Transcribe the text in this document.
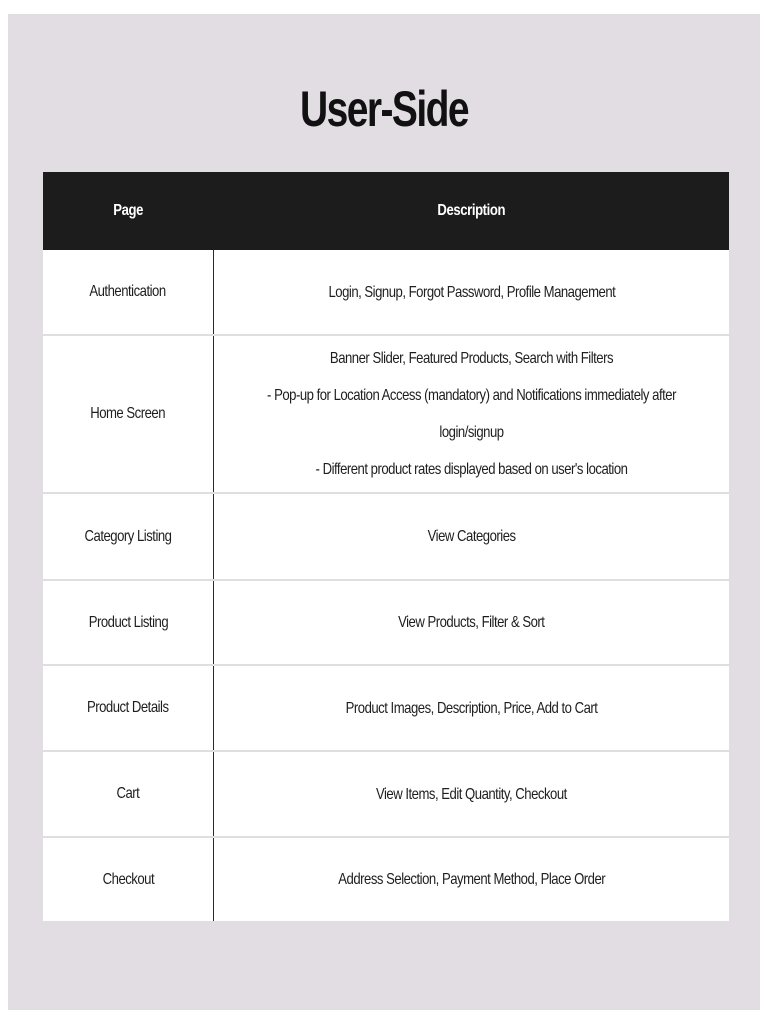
User-Side
Page	Description
Authentication	Login, Signup, Forgot Password, Profile Management

Home Screen	Banner Slider, Featured Products, Search with Filters
- Pop-up for Location Access (mandatory) and Notifications immediately after login/signup
- Different product rates displayed based on user's location

Category Listing	View Categories

Product Listing	View Products, Filter & Sort

Product Details	Product Images, Description, Price, Add to Cart

Cart	View Items, Edit Quantity, Checkout

Checkout	Address Selection, Payment Method, Place Order
